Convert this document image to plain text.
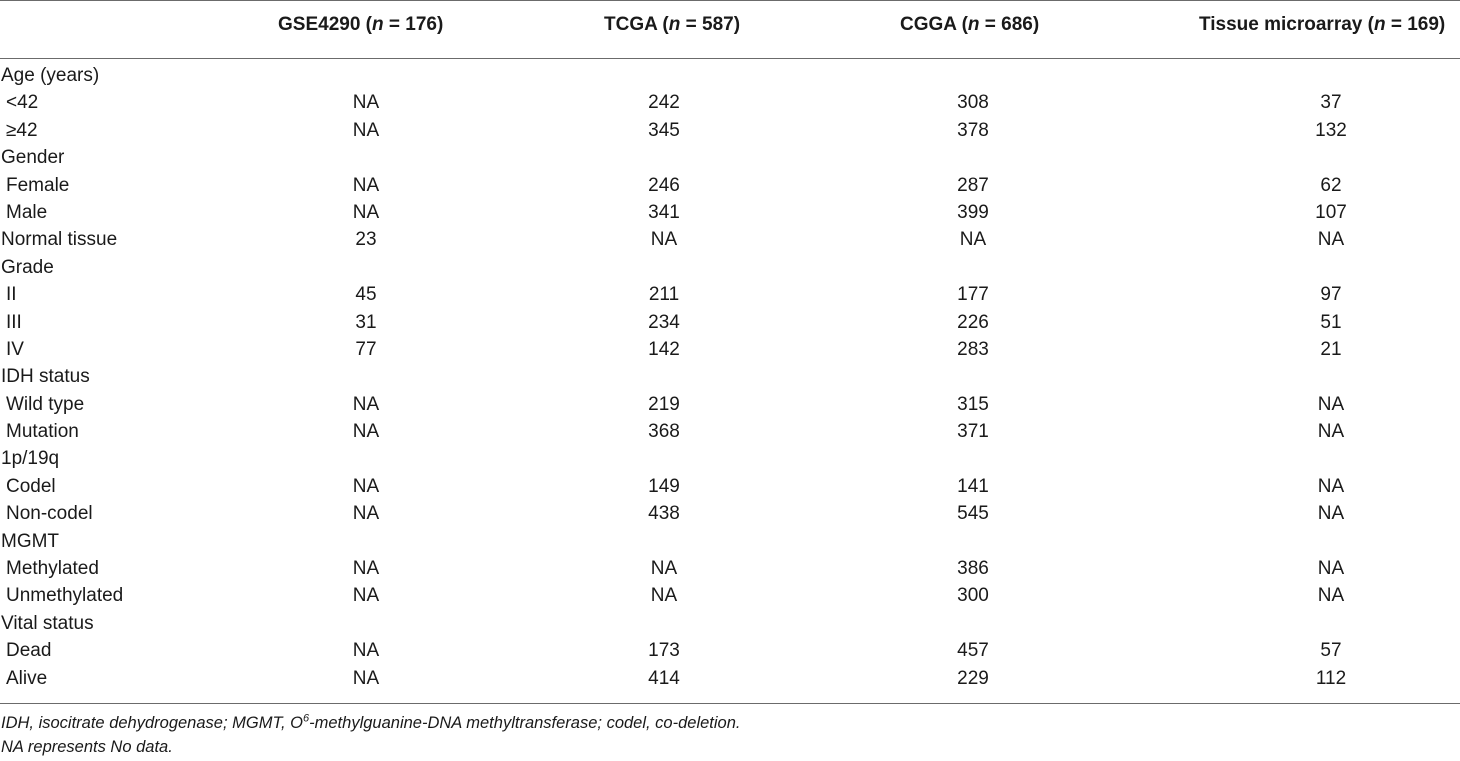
GSE4290 (n = 176)	TCGA (n = 587)	CGGA (n = 686)	Tissue microarray (n = 169)
Age (years)
<42	NA	242	308	37
≥42	NA	345	378	132
Gender
Female	NA	246	287	62
Male	NA	341	399	107
Normal tissue	23	NA	NA	NA
Grade
II	45	211	177	97
III	31	234	226	51
IV	77	142	283	21
IDH status
Wild type	NA	219	315	NA
Mutation	NA	368	371	NA
1p/19q
Codel	NA	149	141	NA
Non-codel	NA	438	545	NA
MGMT
Methylated	NA	NA	386	NA
Unmethylated	NA	NA	300	NA
Vital status
Dead	NA	173	457	57
Alive	NA	414	229	112
IDH, isocitrate dehydrogenase; MGMT, $O^6-methylguanine$-DNA methyltransferase; codel, co-deletion.
NA represents No data.
